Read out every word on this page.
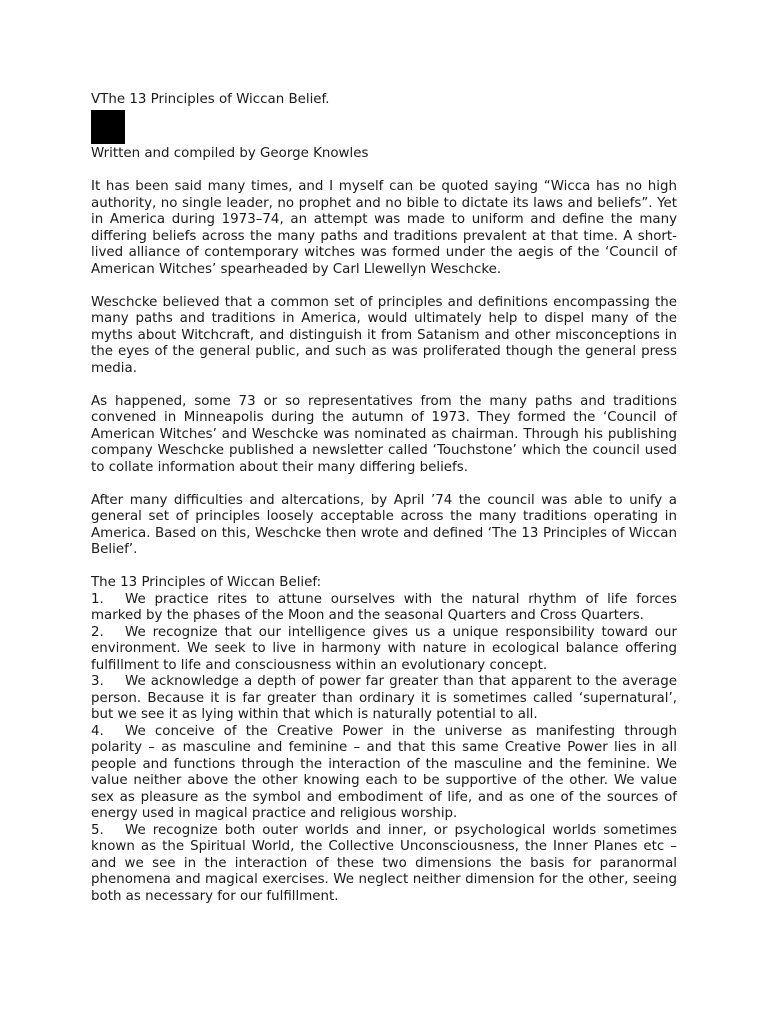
VThe 13 Principles of Wiccan Belief.

Written and compiled by George Knowles

It has been said many times, and I myself can be quoted saying “Wicca has no high authority, no single leader, no prophet and no bible to dictate its laws and beliefs”. Yet in America during 1973–74, an attempt was made to uniform and define the many differing beliefs across the many paths and traditions prevalent at that time. A short-lived alliance of contemporary witches was formed under the aegis of the ‘Council of American Witches’ spearheaded by Carl Llewellyn Weschcke.

Weschcke believed that a common set of principles and definitions encompassing the many paths and traditions in America, would ultimately help to dispel many of the myths about Witchcraft, and distinguish it from Satanism and other misconceptions in the eyes of the general public, and such as was proliferated though the general press media.

As happened, some 73 or so representatives from the many paths and traditions convened in Minneapolis during the autumn of 1973. They formed the ‘Council of American Witches’ and Weschcke was nominated as chairman. Through his publishing company Weschcke published a newsletter called ‘Touchstone’ which the council used to collate information about their many differing beliefs.

After many difficulties and altercations, by April ’74 the council was able to unify a general set of principles loosely acceptable across the many traditions operating in America. Based on this, Weschcke then wrote and defined ‘The 13 Principles of Wiccan Belief’.

The 13 Principles of Wiccan Belief:

1. We practice rites to attune ourselves with the natural rhythm of life forces marked by the phases of the Moon and the seasonal Quarters and Cross Quarters.
2. We recognize that our intelligence gives us a unique responsibility toward our environment. We seek to live in harmony with nature in ecological balance offering fulfillment to life and consciousness within an evolutionary concept.
3. We acknowledge a depth of power far greater than that apparent to the average person. Because it is far greater than ordinary it is sometimes called ‘supernatural’, but we see it as lying within that which is naturally potential to all.
4. We conceive of the Creative Power in the universe as manifesting through polarity – as masculine and feminine – and that this same Creative Power lies in all people and functions through the interaction of the masculine and the feminine. We value neither above the other knowing each to be supportive of the other. We value sex as pleasure as the symbol and embodiment of life, and as one of the sources of energy used in magical practice and religious worship.
5. We recognize both outer worlds and inner, or psychological worlds sometimes known as the Spiritual World, the Collective Unconsciousness, the Inner Planes etc – and we see in the interaction of these two dimensions the basis for paranormal phenomena and magical exercises. We neglect neither dimension for the other, seeing both as necessary for our fulfillment.
